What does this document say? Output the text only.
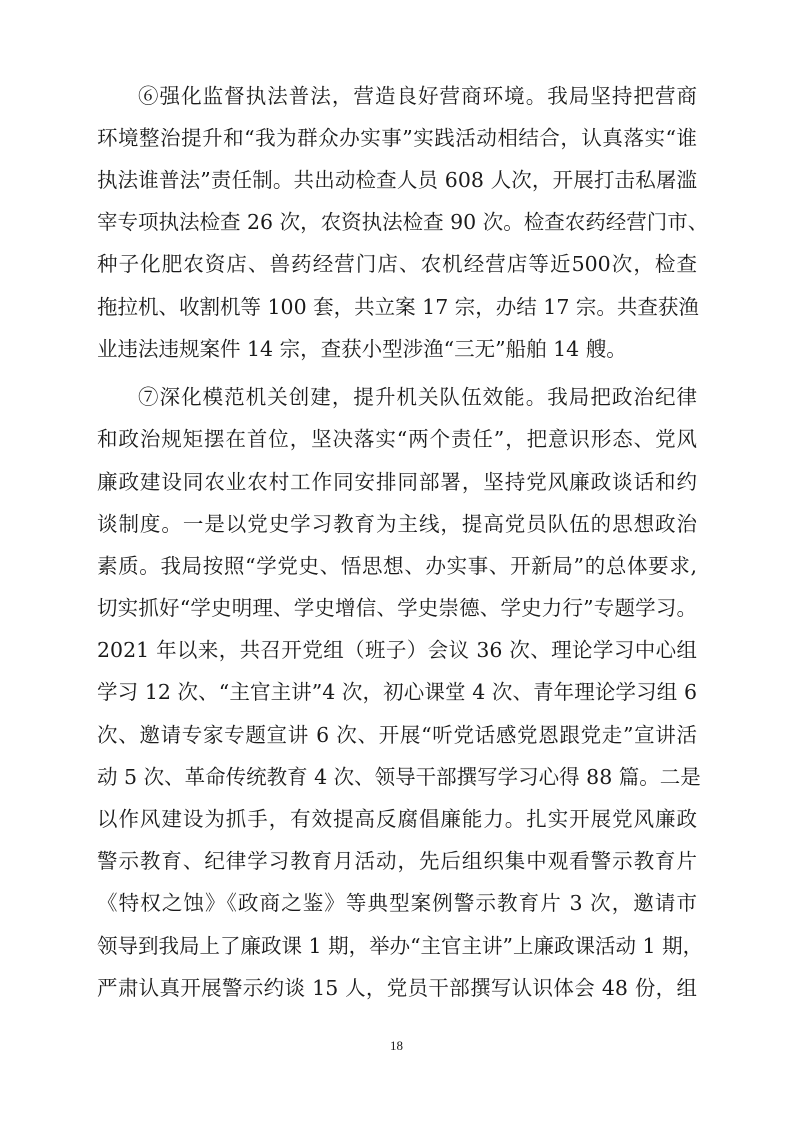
⑥强化监督执法普法，营造良好营商环境。我局坚持把营商
环境整治提升和“我为群众办实事”实践活动相结合，认真落实“谁
执法谁普法”责任制。共出动检查人员 608 人次，开展打击私屠滥
宰专项执法检查 26 次，农资执法检查 90 次。检查农药经营门市、
种子化肥农资店、兽药经营门店、农机经营店等近500次，检查
拖拉机、收割机等 100 套，共立案 17 宗，办结 17 宗。共查获渔
业违法违规案件 14 宗，查获小型涉渔“三无”船舶 14 艘。
⑦深化模范机关创建，提升机关队伍效能。我局把政治纪律
和政治规矩摆在首位，坚决落实“两个责任”，把意识形态、党风
廉政建设同农业农村工作同安排同部署，坚持党风廉政谈话和约
谈制度。一是以党史学习教育为主线，提高党员队伍的思想政治
素质。我局按照“学党史、悟思想、办实事、开新局”的总体要求,
切实抓好“学史明理、学史增信、学史崇德、学史力行”专题学习。
2021 年以来，共召开党组（班子）会议 36 次、理论学习中心组
学习 12 次、“主官主讲”4 次，初心课堂 4 次、青年理论学习组 6
次、邀请专家专题宣讲 6 次、开展“听党话感党恩跟党走”宣讲活
动 5 次、革命传统教育 4 次、领导干部撰写学习心得 88 篇。二是
以作风建设为抓手，有效提高反腐倡廉能力。扎实开展党风廉政
警示教育、纪律学习教育月活动，先后组织集中观看警示教育片
《特权之蚀》《政商之鉴》等典型案例警示教育片 3 次，邀请市
领导到我局上了廉政课 1 期，举办“主官主讲”上廉政课活动 1 期，
严肃认真开展警示约谈 15 人，党员干部撰写认识体会 48 份，组
18
